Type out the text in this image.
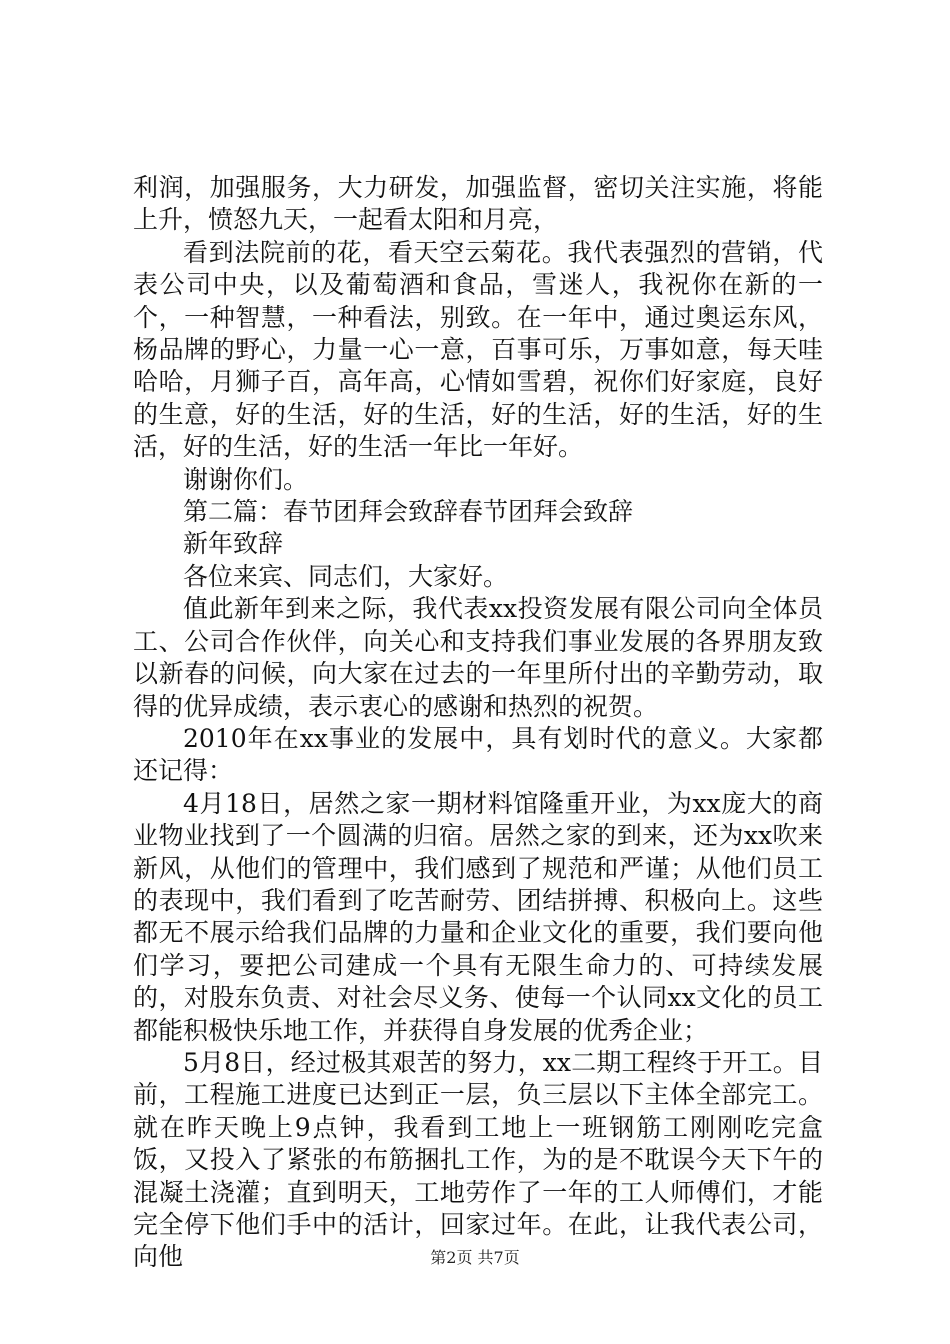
利润，加强服务，大力研发，加强监督，密切关注实施，将能上升，愤怒九天，一起看太阳和月亮，

看到法院前的花，看天空云菊花。我代表强烈的营销，代表公司中央，以及葡萄酒和食品，雪迷人，我祝你在新的一个，一种智慧，一种看法，别致。在一年中，通过奥运东风，杨品牌的野心，力量一心一意，百事可乐，万事如意，每天哇哈哈，月狮子百，高年高，心情如雪碧，祝你们好家庭，良好的生意，好的生活，好的生活，好的生活，好的生活，好的生活，好的生活，好的生活一年比一年好。

谢谢你们。

第二篇：春节团拜会致辞春节团拜会致辞

新年致辞

各位来宾、同志们，大家好。

值此新年到来之际，我代表xx投资发展有限公司向全体员工、公司合作伙伴，向关心和支持我们事业发展的各界朋友致以新春的问候，向大家在过去的一年里所付出的辛勤劳动，取得的优异成绩，表示衷心的感谢和热烈的祝贺。

2010年在xx事业的发展中，具有划时代的意义。大家都还记得：

4月18日，居然之家一期材料馆隆重开业，为xx庞大的商业物业找到了一个圆满的归宿。居然之家的到来，还为xx吹来新风，从他们的管理中，我们感到了规范和严谨；从他们员工的表现中，我们看到了吃苦耐劳、团结拼搏、积极向上。这些都无不展示给我们品牌的力量和企业文化的重要，我们要向他们学习，要把公司建成一个具有无限生命力的、可持续发展的，对股东负责、对社会尽义务、使每一个认同xx文化的员工都能积极快乐地工作，并获得自身发展的优秀企业；

5月8日，经过极其艰苦的努力，xx二期工程终于开工。目前，工程施工进度已达到正一层，负三层以下主体全部完工。就在昨天晚上9点钟，我看到工地上一班钢筋工刚刚吃完盒饭，又投入了紧张的布筋捆扎工作，为的是不耽误今天下午的混凝土浇灌；直到明天，工地劳作了一年的工人师傅们，才能完全停下他们手中的活计，回家过年。在此，让我代表公司，向他	第2页 共7页
